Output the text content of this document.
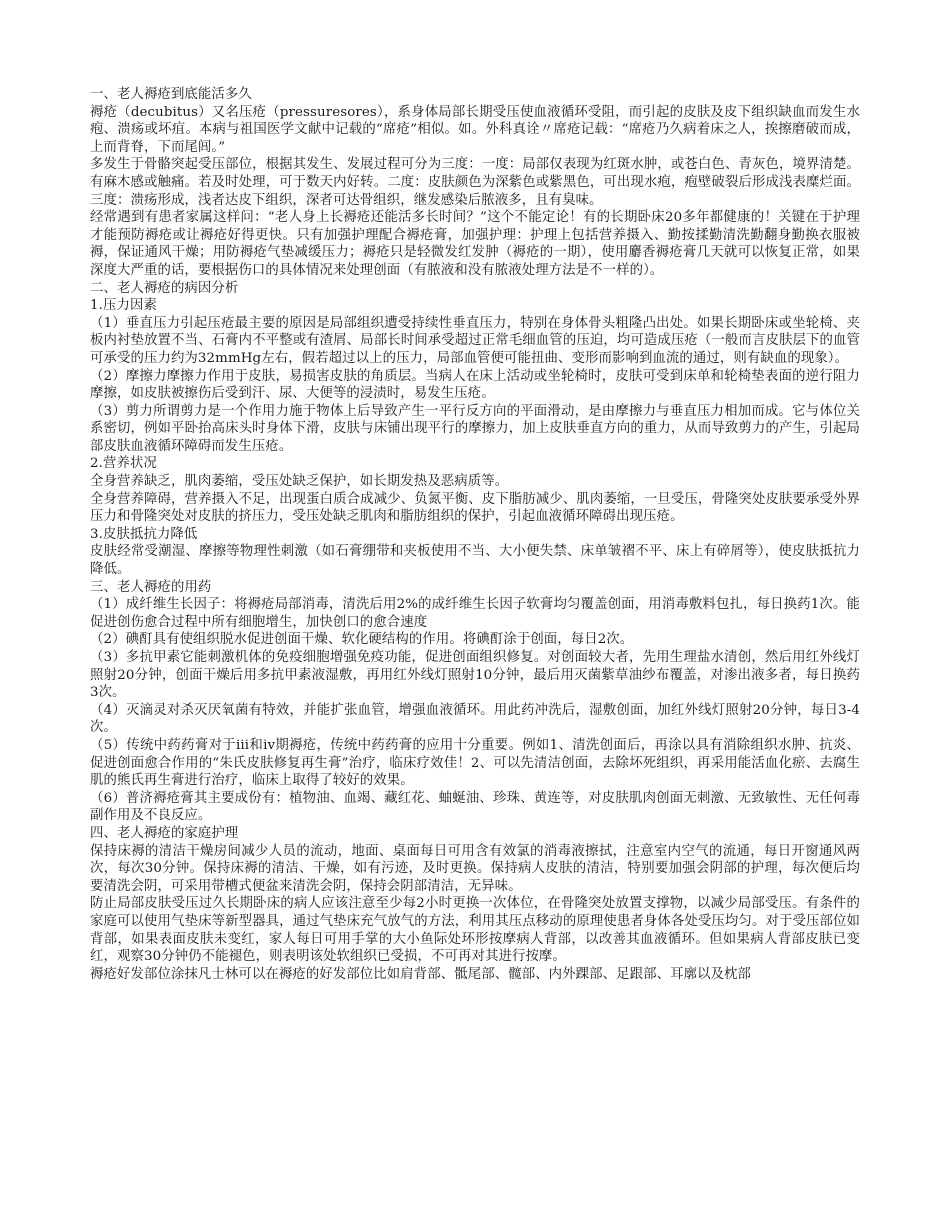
一、老人褥疮到底能活多久

褥疮（decubitus）又名压疮（pressuresores），系身体局部长期受压使血液循环受阻，而引起的皮肤及皮下组织缺血而发生水疱、溃疡或坏疽。本病与祖国医学文献中记载的“席疮”相似。如。外科真诠〃席疮记载：“席疮乃久病着床之人，挨擦磨破而成，上而背脊，下而尾闾。”

多发生于骨骼突起受压部位，根据其发生、发展过程可分为三度：一度：局部仅表现为红斑水肿，或苍白色、青灰色，境界清楚。有麻木感或触痛。若及时处理，可于数天内好转。二度：皮肤颜色为深紫色或紫黑色，可出现水疱，疱壁破裂后形成浅表糜烂面。三度：溃疡形成，浅者达皮下组织，深者可达骨组织，继发感染后脓液多，且有臭味。

经常遇到有患者家属这样问：“老人身上长褥疮还能活多长时间？”这个不能定论！有的长期卧床20多年都健康的！关键在于护理才能预防褥疮或让褥疮好得更快。只有加强护理配合褥疮膏，加强护理：护理上包括营养摄入、勤按揉勤清洗勤翻身勤换衣服被褥，保证通风干燥；用防褥疮气垫减缓压力；褥疮只是轻微发红发肿（褥疮的一期），使用麝香褥疮膏几天就可以恢复正常，如果深度大严重的话，要根据伤口的具体情况来处理创面（有脓液和没有脓液处理方法是不一样的）。

二、老人褥疮的病因分析

1.压力因素

（1）垂直压力引起压疮最主要的原因是局部组织遭受持续性垂直压力，特别在身体骨头粗隆凸出处。如果长期卧床或坐轮椅、夹板内衬垫放置不当、石膏内不平整或有渣屑、局部长时间承受超过正常毛细血管的压迫，均可造成压疮（一般而言皮肤层下的血管可承受的压力约为32mmHg左右，假若超过以上的压力，局部血管便可能扭曲、变形而影响到血流的通过，则有缺血的现象）。

（2）摩擦力摩擦力作用于皮肤，易损害皮肤的角质层。当病人在床上活动或坐轮椅时，皮肤可受到床单和轮椅垫表面的逆行阻力摩擦，如皮肤被擦伤后受到汗、尿、大便等的浸渍时，易发生压疮。

（3）剪力所谓剪力是一个作用力施于物体上后导致产生一平行反方向的平面滑动，是由摩擦力与垂直压力相加而成。它与体位关系密切，例如平卧抬高床头时身体下滑，皮肤与床铺出现平行的摩擦力，加上皮肤垂直方向的重力，从而导致剪力的产生，引起局部皮肤血液循环障碍而发生压疮。

2.营养状况

全身营养缺乏，肌肉萎缩，受压处缺乏保护，如长期发热及恶病质等。

全身营养障碍，营养摄入不足，出现蛋白质合成减少、负氮平衡、皮下脂肪减少、肌肉萎缩，一旦受压，骨隆突处皮肤要承受外界压力和骨隆突处对皮肤的挤压力，受压处缺乏肌肉和脂肪组织的保护，引起血液循环障碍出现压疮。

3.皮肤抵抗力降低

皮肤经常受潮湿、摩擦等物理性刺激（如石膏绷带和夹板使用不当、大小便失禁、床单皱褶不平、床上有碎屑等），使皮肤抵抗力降低。

三、老人褥疮的用药

（1）成纤维生长因子：将褥疮局部消毒，清洗后用2%的成纤维生长因子软膏均匀覆盖创面，用消毒敷料包扎，每日换药1次。能促进创伤愈合过程中所有细胞增生，加快创口的愈合速度

（2）碘酊具有使组织脱水促进创面干燥、软化硬结构的作用。将碘酊涂于创面，每日2次。

（3）多抗甲素它能刺激机体的免疫细胞增强免疫功能，促进创面组织修复。对创面较大者，先用生理盐水清创，然后用红外线灯照射20分钟，创面干燥后用多抗甲素液湿敷，再用红外线灯照射10分钟，最后用灭菌紫草油纱布覆盖，对渗出液多者，每日换药3次。

（4）灭滴灵对杀灭厌氧菌有特效，并能扩张血管，增强血液循环。用此药冲洗后，湿敷创面，加红外线灯照射20分钟，每日3-4次。

（5）传统中药药膏对于iii和iv期褥疮，传统中药药膏的应用十分重要。例如1、清洗创面后，再涂以具有消除组织水肿、抗炎、促进创面愈合作用的“朱氏皮肤修复再生膏”治疗，临床疗效佳！2、可以先清洁创面，去除坏死组织，再采用能活血化瘀、去腐生肌的熊氏再生膏进行治疗，临床上取得了较好的效果。

（6）普济褥疮膏其主要成份有：植物油、血竭、藏红花、蚰蜒油、珍珠、黄连等，对皮肤肌肉创面无刺激、无致敏性、无任何毒副作用及不良反应。

四、老人褥疮的家庭护理

保持床褥的清洁干燥房间减少人员的流动，地面、桌面每日可用含有效氯的消毒液擦拭，注意室内空气的流通，每日开窗通风两次，每次30分钟。保持床褥的清洁、干燥，如有污迹，及时更换。保持病人皮肤的清洁，特别要加强会阴部的护理，每次便后均要清洗会阴，可采用带槽式便盆来清洗会阴，保持会阴部清洁，无异味。

防止局部皮肤受压过久长期卧床的病人应该注意至少每2小时更换一次体位，在骨隆突处放置支撑物，以减少局部受压。有条件的家庭可以使用气垫床等新型器具，通过气垫床充气放气的方法，利用其压点移动的原理使患者身体各处受压均匀。对于受压部位如背部，如果表面皮肤未变红，家人每日可用手掌的大小鱼际处环形按摩病人背部，以改善其血液循环。但如果病人背部皮肤已变红，观察30分钟仍不能褪色，则表明该处软组织已受损，不可再对其进行按摩。

褥疮好发部位涂抹凡士林可以在褥疮的好发部位比如肩背部、骶尾部、髋部、内外踝部、足跟部、耳廓以及枕部
